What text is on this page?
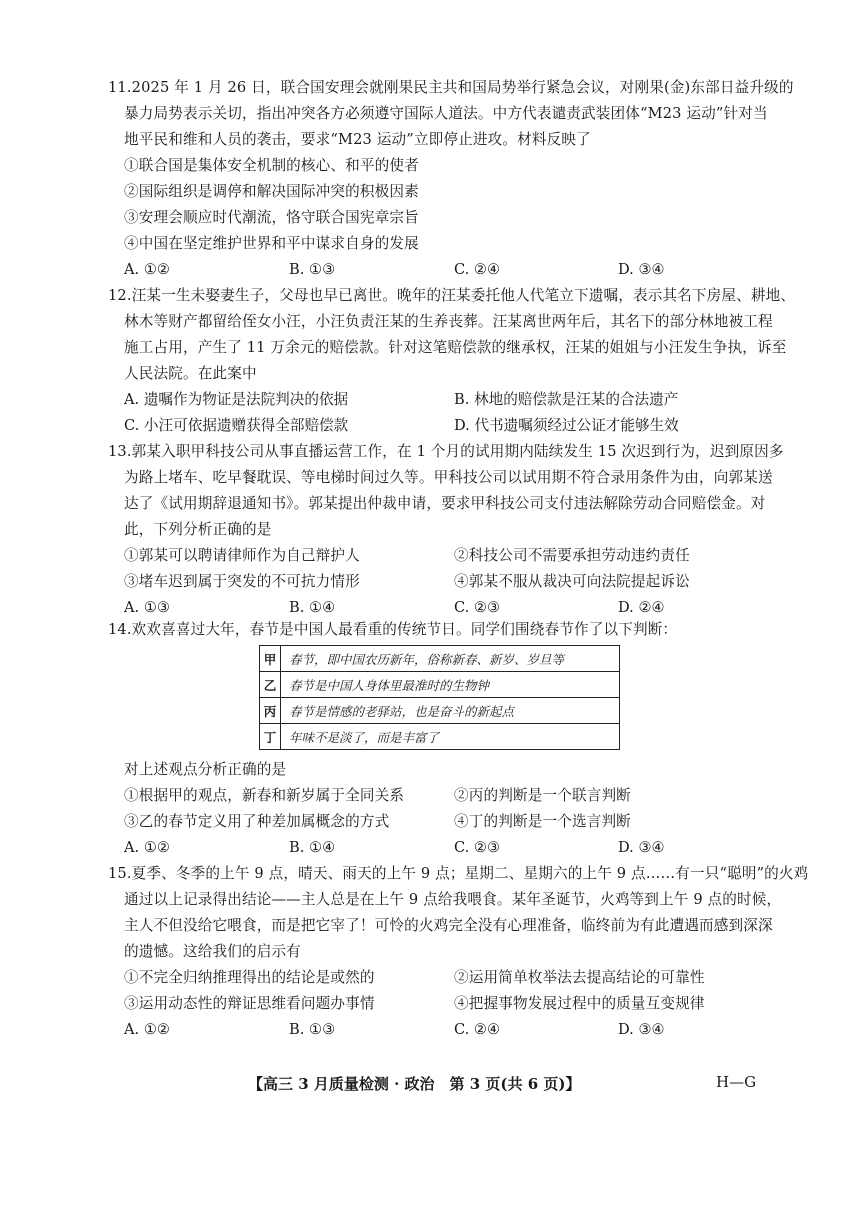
11.2025 年 1 月 26 日，联合国安理会就刚果民主共和国局势举行紧急会议，对刚果(金)东部日益升级的
暴力局势表示关切，指出冲突各方必须遵守国际人道法。中方代表谴责武装团体“M23 运动”针对当
地平民和维和人员的袭击，要求“M23 运动”立即停止进攻。材料反映了
①联合国是集体安全机制的核心、和平的使者
②国际组织是调停和解决国际冲突的积极因素
③安理会顺应时代潮流，恪守联合国宪章宗旨
④中国在坚定维护世界和平中谋求自身的发展
A. ①②	B. ①③	C. ②④	D. ③④
12.汪某一生未娶妻生子，父母也早已离世。晚年的汪某委托他人代笔立下遗嘱，表示其名下房屋、耕地、
林木等财产都留给侄女小汪，小汪负责汪某的生养丧葬。汪某离世两年后，其名下的部分林地被工程
施工占用，产生了 11 万余元的赔偿款。针对这笔赔偿款的继承权，汪某的姐姐与小汪发生争执，诉至
人民法院。在此案中
A. 遗嘱作为物证是法院判决的依据	B. 林地的赔偿款是汪某的合法遗产
C. 小汪可依据遗赠获得全部赔偿款	D. 代书遗嘱须经过公证才能够生效
13.郭某入职甲科技公司从事直播运营工作，在 1 个月的试用期内陆续发生 15 次迟到行为，迟到原因多
为路上堵车、吃早餐耽误、等电梯时间过久等。甲科技公司以试用期不符合录用条件为由，向郭某送
达了《试用期辞退通知书》。郭某提出仲裁申请，要求甲科技公司支付违法解除劳动合同赔偿金。对
此，下列分析正确的是
①郭某可以聘请律师作为自己辩护人	②科技公司不需要承担劳动违约责任
③堵车迟到属于突发的不可抗力情形	④郭某不服从裁决可向法院提起诉讼
A. ①③	B. ①④	C. ②③	D. ②④
14.欢欢喜喜过大年，春节是中国人最看重的传统节日。同学们围绕春节作了以下判断：
甲	春节，即中国农历新年，俗称新春、新岁、岁旦等
乙	春节是中国人身体里最准时的生物钟
丙	春节是情感的老驿站，也是奋斗的新起点
丁	年味不是淡了，而是丰富了
对上述观点分析正确的是
①根据甲的观点，新春和新岁属于全同关系	②丙的判断是一个联言判断
③乙的春节定义用了种差加属概念的方式	④丁的判断是一个选言判断
A. ①②	B. ①④	C. ②③	D. ③④
15.夏季、冬季的上午 9 点，晴天、雨天的上午 9 点；星期二、星期六的上午 9 点……有一只“聪明”的火鸡
通过以上记录得出结论——主人总是在上午 9 点给我喂食。某年圣诞节，火鸡等到上午 9 点的时候，
主人不但没给它喂食，而是把它宰了！可怜的火鸡完全没有心理准备，临终前为有此遭遇而感到深深
的遗憾。这给我们的启示有
①不完全归纳推理得出的结论是或然的	②运用简单枚举法去提高结论的可靠性
③运用动态性的辩证思维看问题办事情	④把握事物发展过程中的质量互变规律
A. ①②	B. ①③	C. ②④	D. ③④
【高三 3 月质量检测 · 政治　第 3 页(共 6 页)】	H—G
